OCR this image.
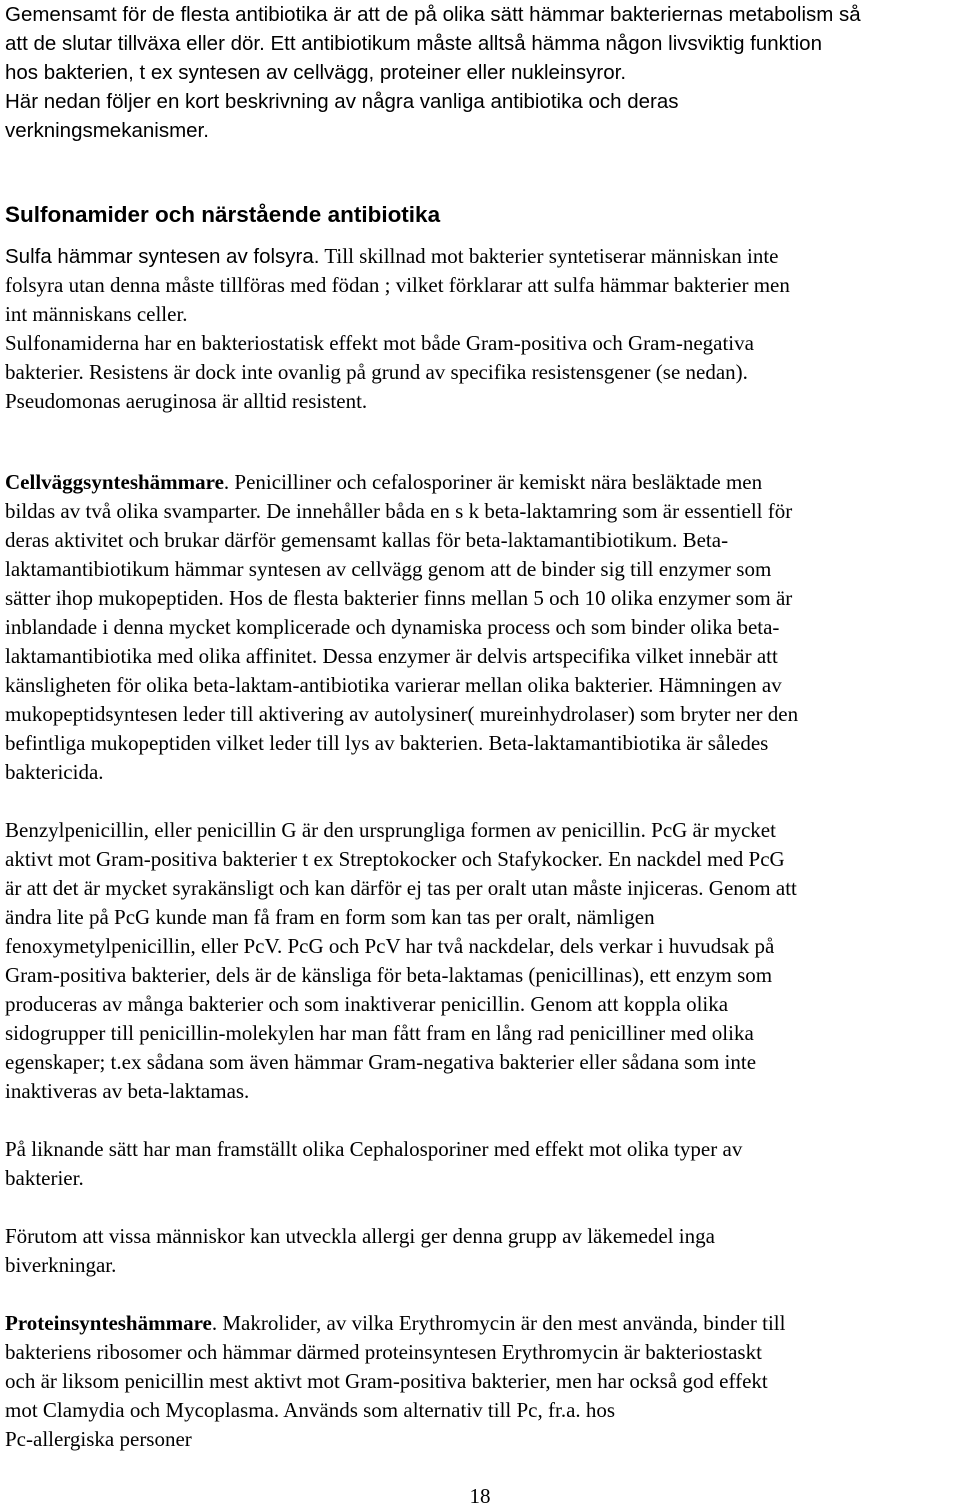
Gemensamt för de flesta antibiotika är att de på olika sätt hämmar bakteriernas metabolism så
att de slutar tillväxa eller dör. Ett antibiotikum måste alltså hämma någon livsviktig funktion
hos bakterien, t ex syntesen av cellvägg, proteiner eller nukleinsyror.
Här nedan följer en kort beskrivning av några vanliga antibiotika och deras
verkningsmekanismer.
Sulfonamider och närstående antibiotika
Sulfa hämmar syntesen av folsyra. Till skillnad mot bakterier syntetiserar människan inte
folsyra utan denna måste tillföras med födan ; vilket förklarar att sulfa hämmar bakterier men
int människans celler.
Sulfonamiderna har en bakteriostatisk effekt mot både Gram-positiva och Gram-negativa
bakterier. Resistens är dock inte ovanlig på grund av specifika resistensgener (se nedan).
Pseudomonas aeruginosa är alltid resistent.
Cellväggsynteshämmare. Penicilliner och cefalosporiner är kemiskt nära besläktade men
bildas av två olika svamparter. De innehåller båda en s k beta-laktamring som är essentiell för
deras aktivitet och brukar därför gemensamt kallas för beta-laktamantibiotikum. Beta-
laktamantibiotikum hämmar syntesen av cellvägg genom att de binder sig till enzymer som
sätter ihop mukopeptiden. Hos de flesta bakterier finns mellan 5 och 10 olika enzymer som är
inblandade i denna mycket komplicerade och dynamiska process och som binder olika beta-
laktamantibiotika med olika affinitet. Dessa enzymer är delvis artspecifika vilket innebär att
känsligheten för olika beta-laktam-antibiotika varierar mellan olika bakterier. Hämningen av
mukopeptidsyntesen leder till aktivering av autolysiner( mureinhydrolaser) som bryter ner den
befintliga mukopeptiden vilket leder till lys av bakterien. Beta-laktamantibiotika är således
baktericida.
Benzylpenicillin, eller penicillin G är den ursprungliga formen av penicillin. PcG är mycket
aktivt mot Gram-positiva bakterier t ex Streptokocker och Stafykocker. En nackdel med PcG
är att det är mycket syrakänsligt och kan därför ej tas per oralt utan måste injiceras. Genom att
ändra lite på PcG kunde man få fram en form som kan tas per oralt, nämligen
fenoxymetylpenicillin, eller PcV. PcG och PcV har två nackdelar, dels verkar i huvudsak på
Gram-positiva bakterier, dels är de känsliga för beta-laktamas (penicillinas), ett enzym som
produceras av många bakterier och som inaktiverar penicillin. Genom att koppla olika
sidogrupper till penicillin-molekylen har man fått fram en lång rad penicilliner med olika
egenskaper; t.ex sådana som även hämmar Gram-negativa bakterier eller sådana som inte
inaktiveras av beta-laktamas.
På liknande sätt har man framställt olika Cephalosporiner med effekt mot olika typer av
bakterier.
Förutom att vissa människor kan utveckla allergi ger denna grupp av läkemedel inga
biverkningar.
Proteinsynteshämmare. Makrolider, av vilka Erythromycin är den mest använda, binder till
bakteriens ribosomer och hämmar därmed proteinsyntesen Erythromycin är bakteriostaskt
och är liksom penicillin mest aktivt mot Gram-positiva bakterier, men har också god effekt
mot Clamydia och Mycoplasma. Används som alternativ till Pc, fr.a. hos
Pc-allergiska personer
18
